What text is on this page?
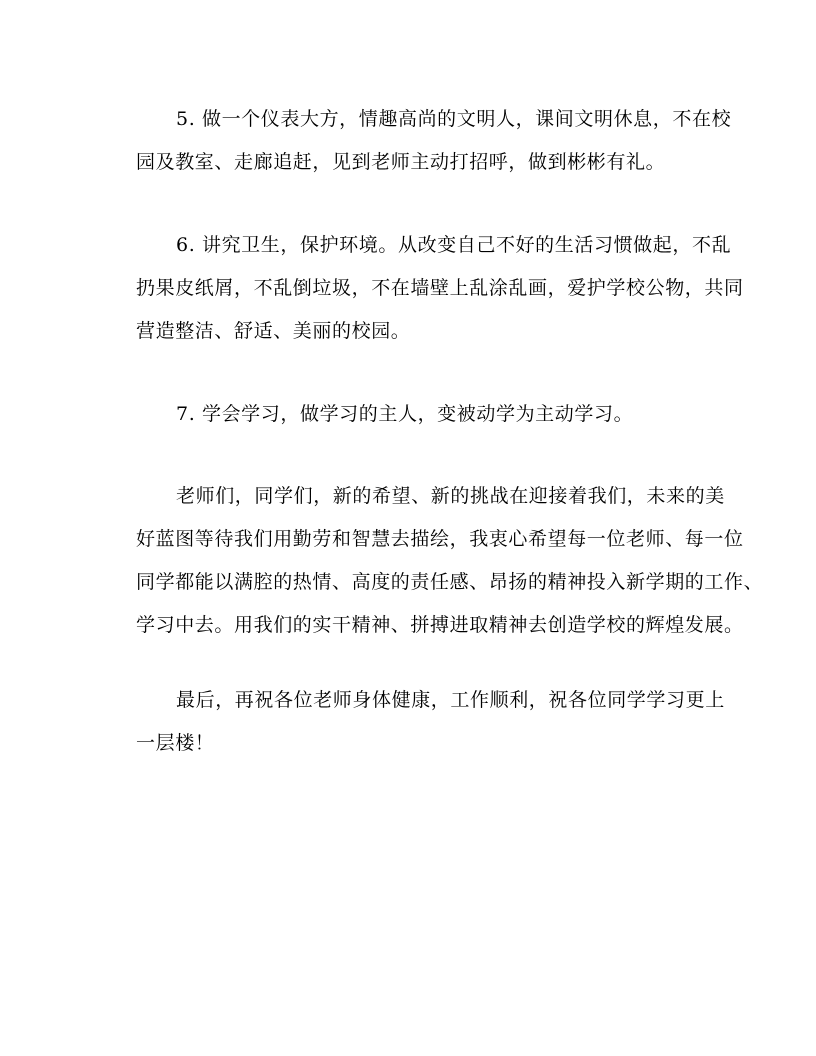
5. 做一个仪表大方，情趣高尚的文明人，课间文明休息，不在校
园及教室、走廊追赶，见到老师主动打招呼，做到彬彬有礼。

6. 讲究卫生，保护环境。从改变自己不好的生活习惯做起，不乱
扔果皮纸屑，不乱倒垃圾，不在墙壁上乱涂乱画，爱护学校公物，共同
营造整洁、舒适、美丽的校园。

7. 学会学习，做学习的主人，变被动学为主动学习。

老师们，同学们，新的希望、新的挑战在迎接着我们，未来的美
好蓝图等待我们用勤劳和智慧去描绘，我衷心希望每一位老师、每一位
同学都能以满腔的热情、高度的责任感、昂扬的精神投入新学期的工作、
学习中去。用我们的实干精神、拼搏进取精神去创造学校的辉煌发展。

最后，再祝各位老师身体健康，工作顺利，祝各位同学学习更上
一层楼！
